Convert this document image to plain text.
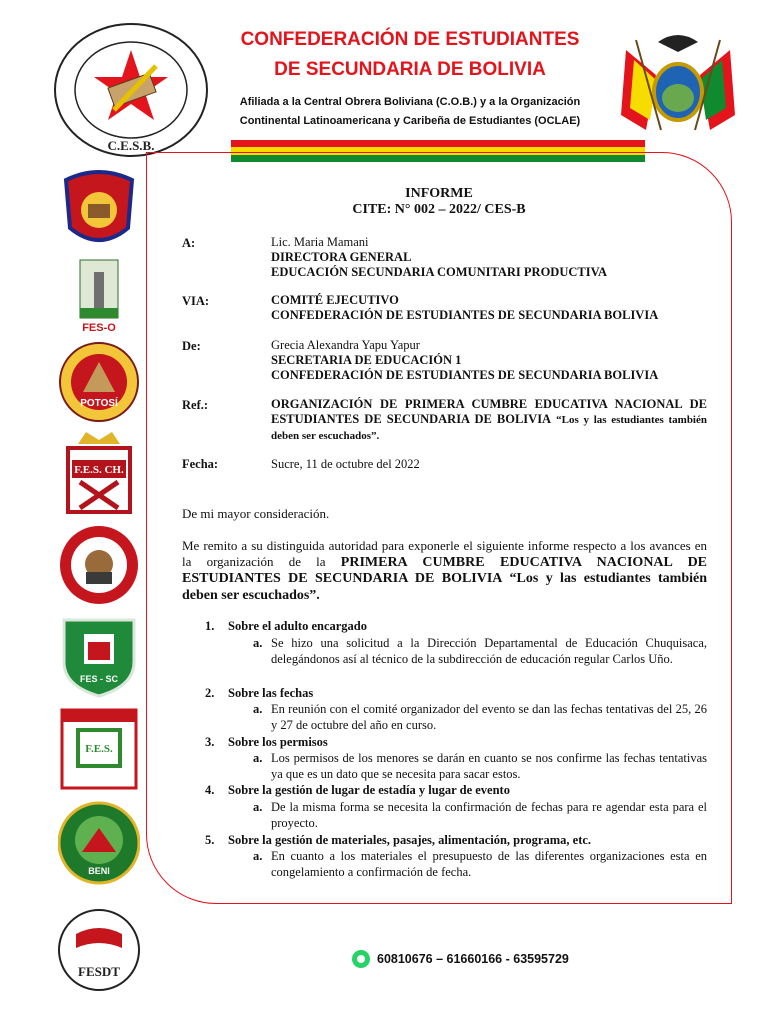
C.E.S.B.
CONFEDERACIÓN DE ESTUDIANTES
DE SECUNDARIA DE BOLIVIA
Afiliada a la Central Obrera Boliviana (C.O.B.) y a la Organización
Continental Latinoamericana y Caribeña de Estudiantes (OCLAE)
FES-O
POTOSÍ
F.E.S. CH.
FES - SC
F.E.S.
BENI
FESDT
INFORME
CITE: N° 002 – 2022/ CES-B
A:	Lic. Maria Mamani
DIRECTORA GENERAL
EDUCACIÓN SECUNDARIA COMUNITARI PRODUCTIVA
VIA:	COMITÉ EJECUTIVO
CONFEDERACIÓN DE ESTUDIANTES DE SECUNDARIA BOLIVIA
De:	Grecia Alexandra Yapu Yapur
SECRETARIA DE EDUCACIÓN 1
CONFEDERACIÓN DE ESTUDIANTES DE SECUNDARIA BOLIVIA
Ref.:	ORGANIZACIÓN DE PRIMERA CUMBRE EDUCATIVA NACIONAL DE ESTUDIANTES DE SECUNDARIA DE BOLIVIA “Los y las estudiantes también deben ser escuchados”.
Fecha:	Sucre, 11 de octubre del 2022
De mi mayor consideración.
Me remito a su distinguida autoridad para exponerle el siguiente informe respecto a los avances en la organización de la PRIMERA CUMBRE EDUCATIVA NACIONAL DE ESTUDIANTES DE SECUNDARIA DE BOLIVIA “Los y las estudiantes también deben ser escuchados”.
1. Sobre el adulto encargado
a. Se hizo una solicitud a la Dirección Departamental de Educación Chuquisaca, delegándonos así al técnico de la subdirección de educación regular Carlos Uño.
2. Sobre las fechas
a. En reunión con el comité organizador del evento se dan las fechas tentativas del 25, 26 y 27 de octubre del año en curso.
3. Sobre los permisos
a. Los permisos de los menores se darán en cuanto se nos confirme las fechas tentativas ya que es un dato que se necesita para sacar estos.
4. Sobre la gestión de lugar de estadía y lugar de evento
a. De la misma forma se necesita la confirmación de fechas para re agendar esta para el proyecto.
5. Sobre la gestión de materiales, pasajes, alimentación, programa, etc.
a. En cuanto a los materiales el presupuesto de las diferentes organizaciones esta en congelamiento a confirmación de fecha.
60810676 – 61660166 - 63595729
